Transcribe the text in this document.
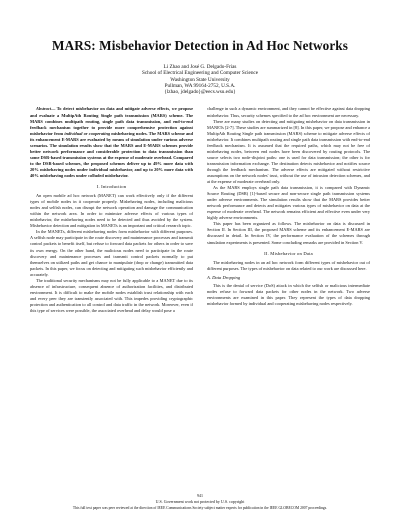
MARS: Misbehavior Detection in Ad Hoc Networks
Li Zhao and José G. Delgado-Frias
School of Electrical Engineering and Computer Science
Washington State University
Pullman, WA 99164-2752, U.S.A.
{lzhao, jdelgado}@eecs.wsu.edu}

Abstract— To detect misbehavior on data and mitigate adverse effects, we propose and evaluate a MultipAth Routing Single path transmission (MARS) scheme. The MARS combines multipath routing, single path data transmission, and end-to-end feedback mechanism together to provide more comprehensive protection against misbehavior from individual or cooperating misbehaving nodes. The MARS scheme and its enhancement E-MARS are evaluated by means of simulation under various adverse scenarios. The simulation results show that the MARS and E-MARS schemes provide better network performance and considerable protection to data transmission than some DSR-based transmission systems at the expense of moderate overhead. Compared to the DSR-based schemes, the proposed schemes deliver up to 49% more data with 20% misbehaving nodes under individual misbehavior, and up to 20% more data with 40% misbehaving nodes under colluded misbehavior.

I. Introduction

An open mobile ad hoc network (MANET) can work effectively only if the different types of mobile nodes in it cooperate properly. Misbehaving nodes, including malicious nodes and selfish nodes, can disrupt the network operation and damage the communication within the network area. In order to minimize adverse effects of various types of misbehavior, the misbehaving nodes need to be detected and thus avoided by the system. Misbehavior detection and mitigation in MANETs is an important and critical research topic.

In the MANETs, different misbehaving nodes form misbehavior with different purposes. A selfish node may participate in the route discovery and maintenance processes and transmit control packets to benefit itself, but refuse to forward data packets for others in order to save its own energy. On the other hand, the malicious nodes need to participate in the route discovery and maintenance processes and transmit control packets normally to put themselves on utilized paths and get chance to manipulate (drop or change) transmitted data packets. In this paper, we focus on detecting and mitigating such misbehavior efficiently and accurately.

The traditional security mechanisms may not be fully applicable to a MANET due to its absence of infrastructure, consequent absence of authorization facilities, and distributed environment. It is difficult to make the mobile nodes establish trust relationship with each and every peer they are transiently associated with. This impedes providing cryptographic protection and authentication to all control and data traffic in the network. Moreover, even if this type of services were possible, the associated overhead and delay would pose a

challenge in such a dynamic environment, and they cannot be effective against data dropping misbehavior. Thus, security schemes specified to the ad hoc environment are necessary.

There are many studies on detecting and mitigating misbehavior on data transmission in MANETs [2-7]. These studies are summarized in [8]. In this paper, we propose and enhance a MultipAth Routing Single path transmission (MARS) scheme to mitigate adverse effects of misbehavior. It combines multipath routing and single path data transmission with end-to-end feedback mechanism. It is assumed that the required paths, which may not be free of misbehaving nodes, between end nodes have been discovered by routing protocols. The source selects two node-disjoint paths: one is used for data transmission; the other is for transmission information exchange. The destination detects misbehavior and notifies source through the feedback mechanism. The adverse effects are mitigated without restrictive assumptions on the network nodes' trust, without the use of intrusion detection schemes, and at the expense of moderate overhead only.

As the MARS employs single path data transmission, it is compared with Dynamic Source Routing (DSR) [1]-based secure and non-secure single path transmission systems under adverse environments. The simulation results show that the MARS provides better network performance and detects and mitigates various types of misbehavior on data at the expense of moderate overhead. The network remains efficient and effective even under very highly adverse environments.

This paper has been organized as follows. The misbehavior on data is discussed in Section II. In Section III, the proposed MARS scheme and its enhancement E-MARS are discussed in detail. In Section IV, the performance evaluation of the schemes through simulation experiments is presented. Some concluding remarks are provided in Section V.

II. Misbehavior on Data

The misbehaving nodes in an ad hoc network form different types of misbehavior out of different purposes. The types of misbehavior on data related to our work are discussed here.

A. Data Dropping

This is the denial of service (DoS) attack in which the selfish or malicious intermediate nodes refuse to forward data packets for other nodes in the network. Two adverse environments are examined in this paper. They represent the types of data dropping misbehavior formed by individual and cooperating misbehaving nodes respectively.

941
U.S. Government work not protected by U.S. copyright
This full text paper was peer reviewed at the direction of IEEE Communications Society subject matter experts for publication in the IEEE GLOBECOM 2007 proceedings.
